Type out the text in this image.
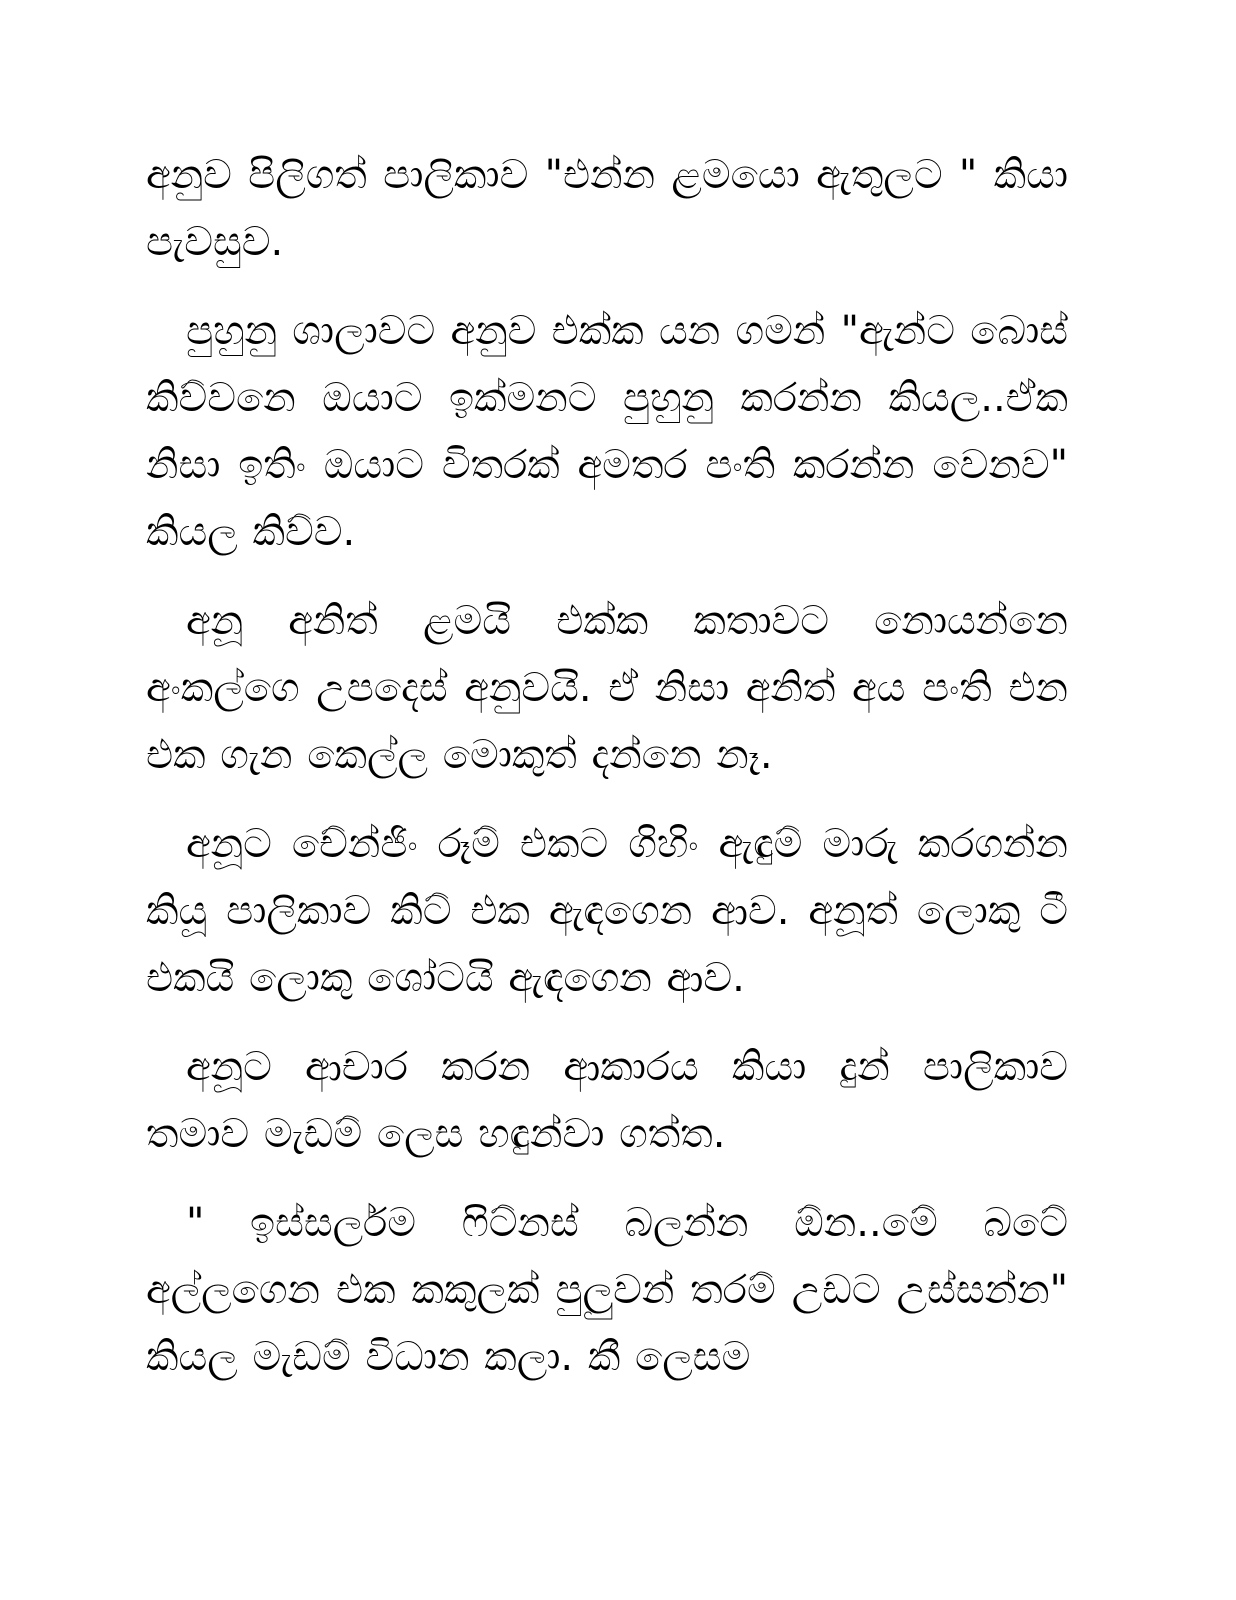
අනුව පිලිගත් පාලිකාව "එන්න ළමයො ඇතුලට " කියා පැවසුව.

පුහුනු ශාලාවට අනුව එක්ක යන ගමන් "ඇන්ට බොස් කිව්වනෙ ඔයාට ඉක්මනට පුහුනු කරන්න කියල..ඒක නිසා ඉතිං ඔයාට විතරක් අමතර පංති කරන්න වෙනව" කියල කිව්ව.

අනූ අනිත් ළමයි එක්ක කතාවට නොයන්නෙ අංකල්ගෙ උපදෙස් අනුවයි. ඒ නිසා අනිත් අය පංති එන එක ගැන කෙල්ල මොකුත් දන්නෙ නෑ.

අනූට චේන්ජිං රූම් එකට ගිහිං ඇඳුම් මාරු කරගන්න කියූ පාලිකාව කිට් එක ඇඳගෙන ආව. අනූත් ලොකු ටී එකයි ලොකු ශෝටයි ඇඳගෙන ආව.

අනූට ආචාර කරන ආකාරය කියා දුන් පාලිකාව තමාව මැඩම් ලෙස හඳුන්වා ගත්ත.

" ඉස්සර්ලම ෆිට්නස් බලන්න ඕන..මේ බටේ අල්ලගෙන එක කකුලක් පුලුවන් තරම් උඩට උස්සන්න" කියල මැඩම් විධාන කලා. කී ලෙසම
